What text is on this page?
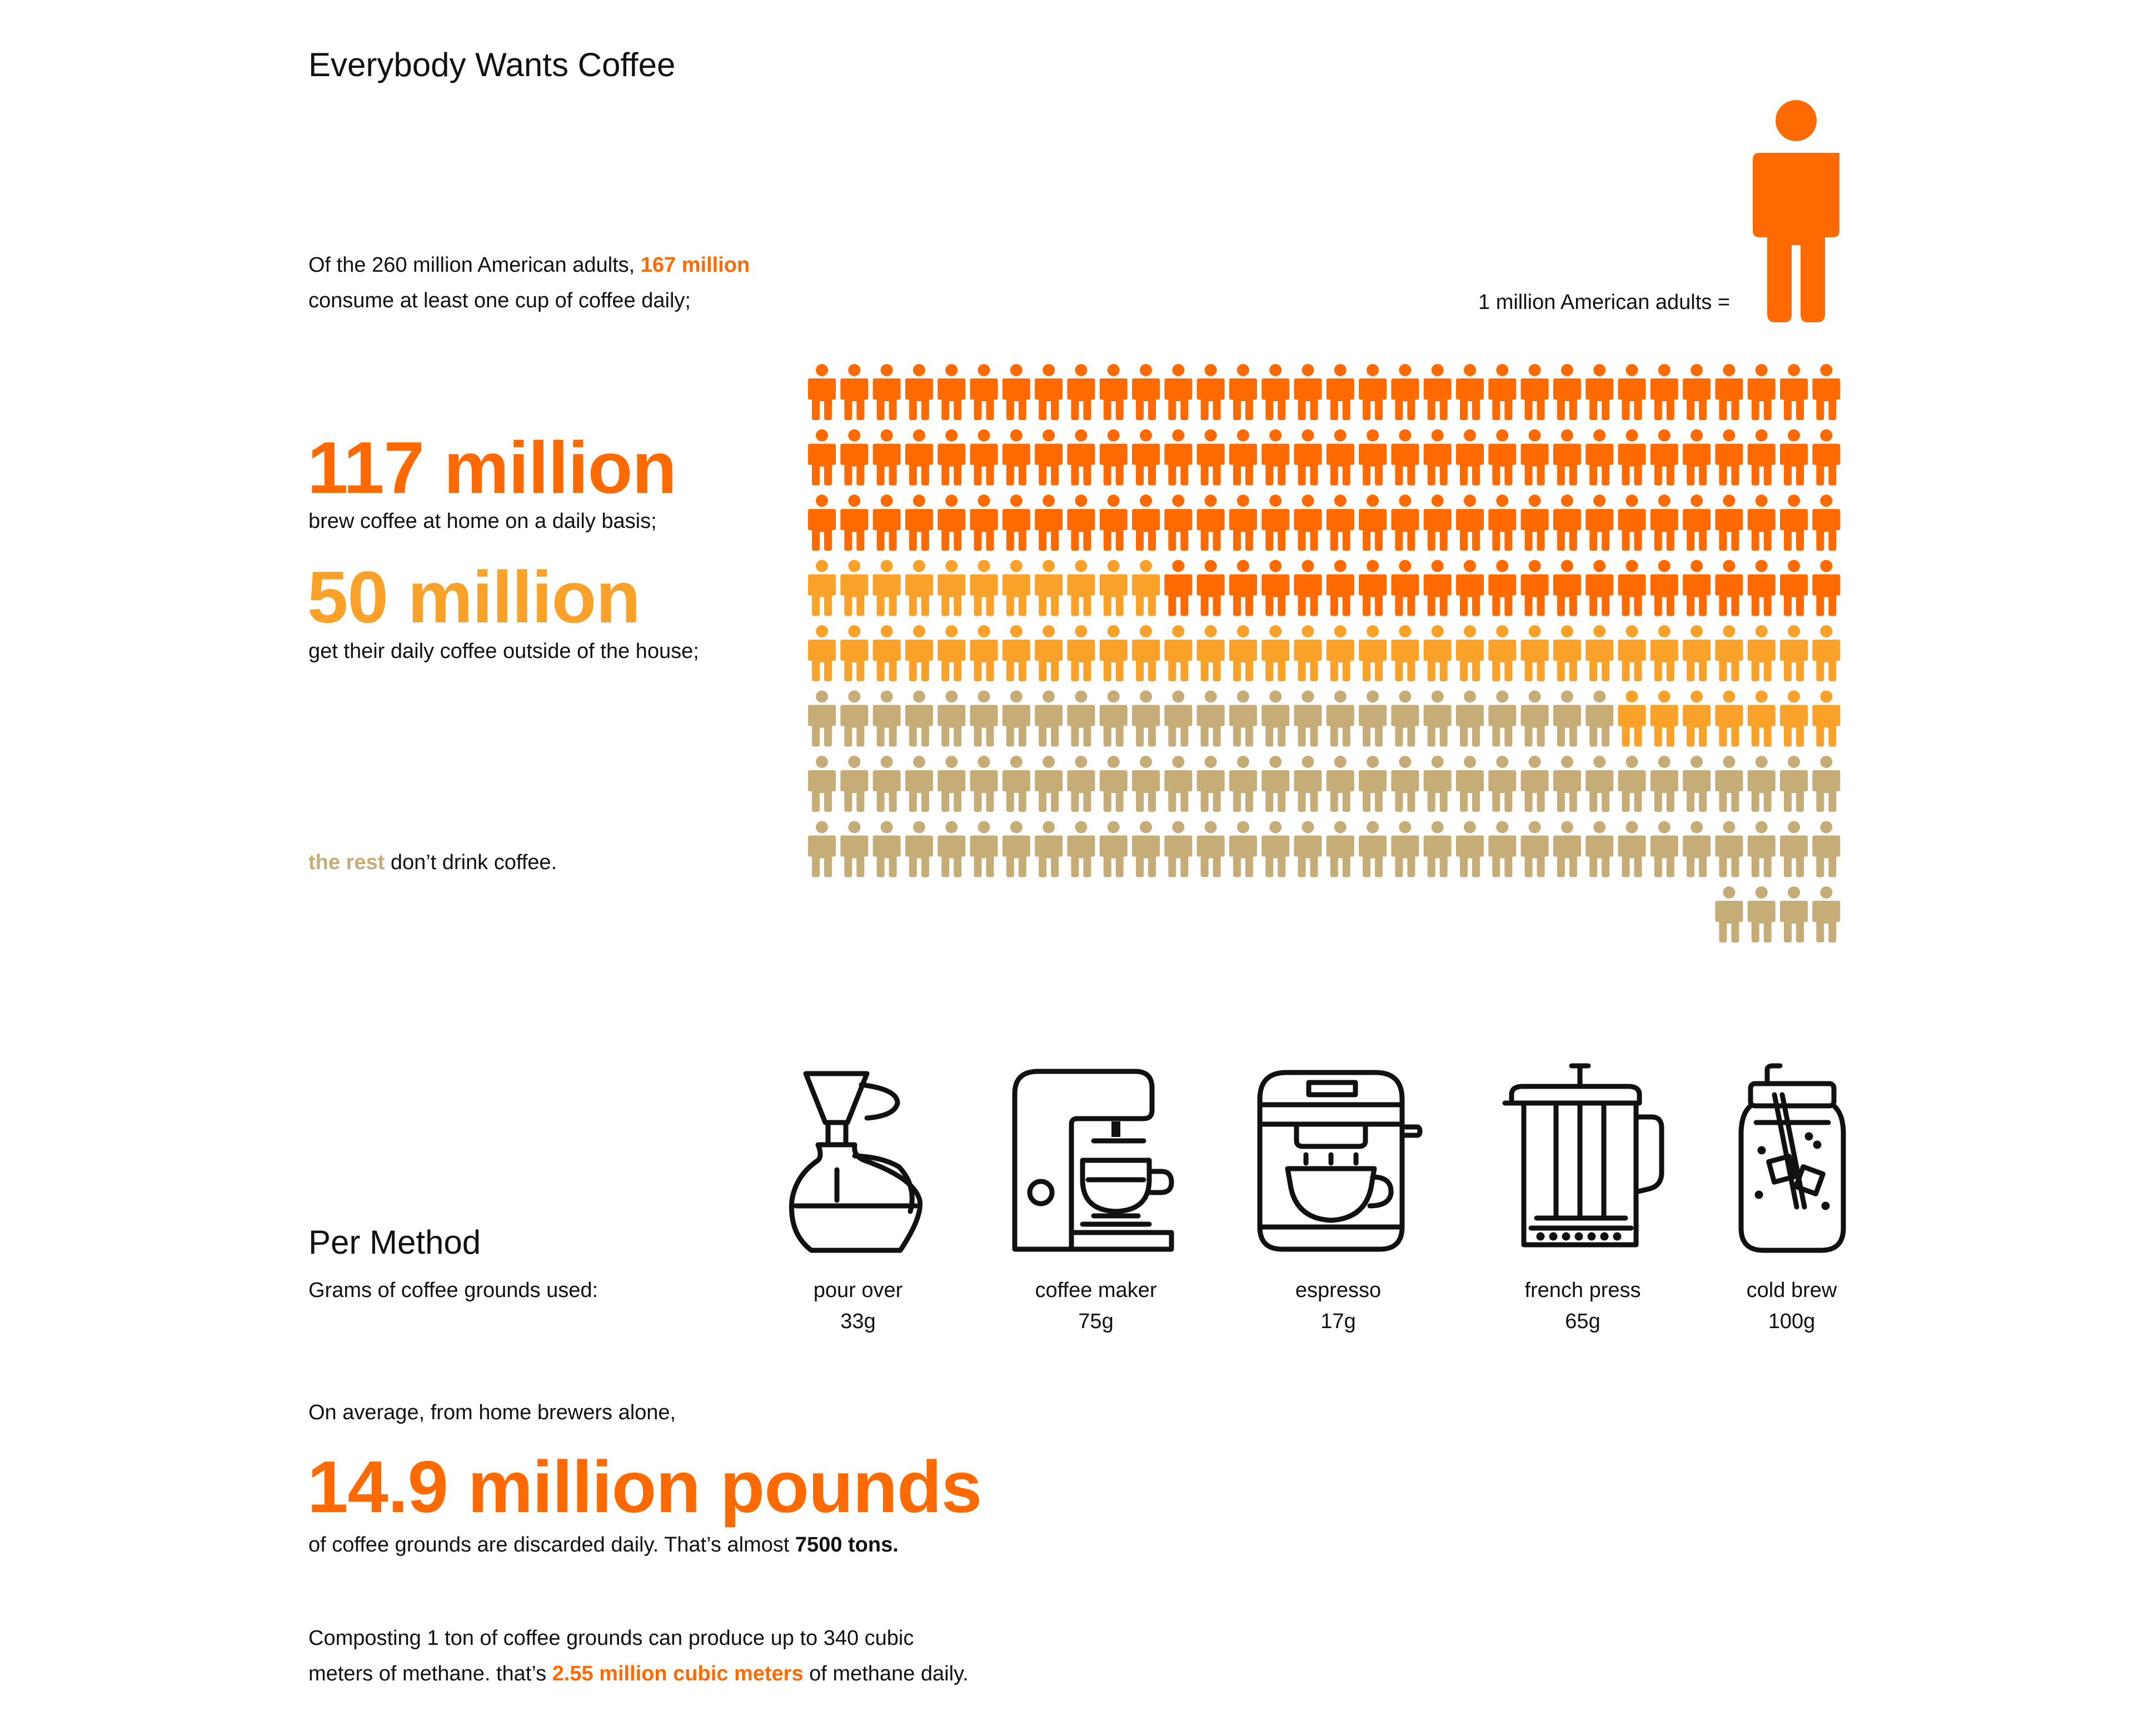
Everybody Wants Coffee
Of the 260 million American adults, 167 million
consume at least one cup of coffee daily;	1 million American adults =
117 million
brew coffee at home on a daily basis;
50 million
get their daily coffee outside of the house;
the rest don’t drink coffee.
Per Method
Grams of coffee grounds used:	pour over
33g
coffee maker
75g
espresso
17g
french press
65g
cold brew
100g
On average, from home brewers alone,
14.9 million pounds
of coffee grounds are discarded daily. That’s almost 7500 tons.
Composting 1 ton of coffee grounds can produce up to 340 cubic
meters of methane. that’s 2.55 million cubic meters of methane daily.
